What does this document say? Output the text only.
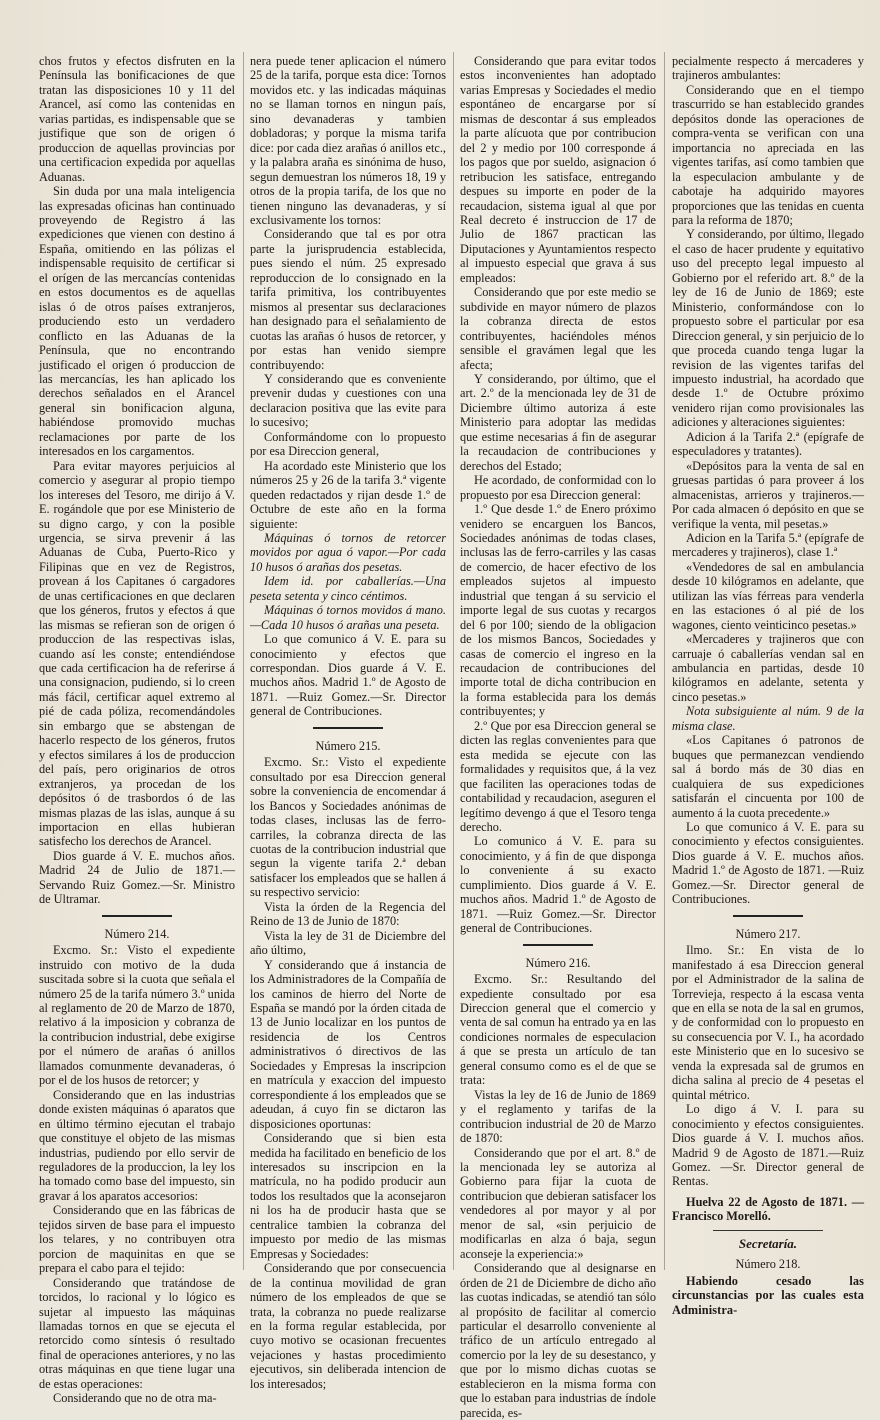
chos frutos y efectos disfruten en la Península las bonificaciones de que tratan las disposiciones 10 y 11 del Arancel, así como las contenidas en varias partidas, es indispensable que se justifique que son de origen ó produccion de aquellas provincias por una certificacion expedida por aquellas Aduanas.

Sin duda por una mala inteligencia las expresadas oficinas han continuado proveyendo de Registro á las expediciones que vienen con destino á España, omitiendo en las pólizas el indispensable requisito de certificar si el orígen de las mercancías contenidas en estos documentos es de aquellas islas ó de otros países extranjeros, produciendo esto un verdadero conflicto en las Aduanas de la Península, que no encontrando justificado el origen ó produccion de las mercancías, les han aplicado los derechos señalados en el Arancel general sin bonificacion alguna, habiéndose promovido muchas reclamaciones por parte de los interesados en los cargamentos.

Para evitar mayores perjuicios al comercio y asegurar al propio tiempo los intereses del Tesoro, me dirijo á V. E. rogándole que por ese Ministerio de su digno cargo, y con la posible urgencia, se sirva prevenir á las Aduanas de Cuba, Puerto-Rico y Filipinas que en vez de Registros, provean á los Capitanes ó cargadores de unas certificaciones en que declaren que los géneros, frutos y efectos á que las mismas se refieran son de origen ó produccion de las respectivas islas, cuando así les conste; entendiéndose que cada certificacion ha de referirse á una consignacion, pudiendo, si lo creen más fácil, certificar aquel extremo al pié de cada póliza, recomendándoles sin embargo que se abstengan de hacerlo respecto de los géneros, frutos y efectos similares á los de produccion del país, pero originarios de otros extranjeros, ya procedan de los depósitos ó de trasbordos ó de las mismas plazas de las islas, aunque á su importacion en ellas hubieran satisfecho los derechos de Arancel.

Dios guarde á V. E. muchos años. Madrid 24 de Julio de 1871.—Servando Ruiz Gomez.—Sr. Ministro de Ultramar.

Número 214.

Excmo. Sr.: Visto el expediente instruido con motivo de la duda suscitada sobre si la cuota que señala el número 25 de la tarifa número 3.º unida al reglamento de 20 de Marzo de 1870, relativo á la imposicion y cobranza de la contribucion industrial, debe exigirse por el número de arañas ó anillos llamados comunmente devanaderas, ó por el de los husos de retorcer; y

Considerando que en las industrias donde existen máquinas ó aparatos que en último término ejecutan el trabajo que constituye el objeto de las mismas industrias, pudiendo por ello servir de reguladores de la produccion, la ley los ha tomado como base del impuesto, sin gravar á los aparatos accesorios:

Considerando que en las fábricas de tejidos sirven de base para el impuesto los telares, y no contribuyen otra porcion de maquinitas en que se prepara el cabo para el tejido:

Considerando que tratándose de torcidos, lo racional y lo lógico es sujetar al impuesto las máquinas llamadas tornos en que se ejecuta el retorcido como síntesis ó resultado final de operaciones anteriores, y no las otras máquinas en que tiene lugar una de estas operaciones:

Considerando que no de otra ma-

nera puede tener aplicacion el número 25 de la tarifa, porque esta dice: Tornos movidos etc. y las indicadas máquinas no se llaman tornos en ningun país, sino devanaderas y tambien dobladoras; y porque la misma tarifa dice: por cada diez arañas ó anillos etc., y la palabra araña es sinónima de huso, segun demuestran los números 18, 19 y otros de la propia tarifa, de los que no tienen ninguno las devanaderas, y sí exclusivamente los tornos:

Considerando que tal es por otra parte la jurisprudencia establecida, pues siendo el núm. 25 expresado reproduccion de lo consignado en la tarifa primitiva, los contribuyentes mismos al presentar sus declaraciones han designado para el señalamiento de cuotas las arañas ó husos de retorcer, y por estas han venido siempre contribuyendo:

Y considerando que es conveniente prevenir dudas y cuestiones con una declaracion positiva que las evite para lo sucesivo;

Conformándome con lo propuesto por esa Direccion general,

Ha acordado este Ministerio que los números 25 y 26 de la tarifa 3.ª vigente queden redactados y rijan desde 1.º de Octubre de este año en la forma siguiente:

Máquinas ó tornos de retorcer movidos por agua ó vapor.—Por cada 10 husos ó arañas dos pesetas.

Idem id. por caballerías.—Una peseta setenta y cinco céntimos.

Máquinas ó tornos movidos á mano.—Cada 10 husos ó arañas una peseta.

Lo que comunico á V. E. para su conocimiento y efectos que correspondan. Dios guarde á V. E. muchos años. Madrid 1.º de Agosto de 1871. —Ruiz Gomez.—Sr. Director general de Contribuciones.

Número 215.

Excmo. Sr.: Visto el expediente consultado por esa Direccion general sobre la conveniencia de encomendar á los Bancos y Sociedades anónimas de todas clases, inclusas las de ferro-carriles, la cobranza directa de las cuotas de la contribucion industrial que segun la vigente tarifa 2.ª deban satisfacer los empleados que se hallen á su respectivo servicio:

Vista la órden de la Regencia del Reino de 13 de Junio de 1870:

Vista la ley de 31 de Diciembre del año último,

Y considerando que á instancia de los Administradores de la Compañía de los caminos de hierro del Norte de España se mandó por la órden citada de 13 de Junio localizar en los puntos de residencia de los Centros administrativos ó directivos de las Sociedades y Empresas la inscripcion en matrícula y exaccion del impuesto correspondiente á los empleados que se adeudan, á cuyo fin se dictaron las disposiciones oportunas:

Considerando que si bien esta medida ha facilitado en beneficio de los interesados su inscripcion en la matrícula, no ha podido producir aun todos los resultados que la aconsejaron ni los ha de producir hasta que se centralice tambien la cobranza del impuesto por medio de las mismas Empresas y Sociedades:

Considerando que por consecuencia de la continua movilidad de gran número de los empleados de que se trata, la cobranza no puede realizarse en la forma regular establecida, por cuyo motivo se ocasionan frecuentes vejaciones y hastas procedimiento ejecutivos, sin deliberada intencion de los interesados;

Considerando que para evitar todos estos inconvenientes han adoptado varias Empresas y Sociedades el medio espontáneo de encargarse por sí mismas de descontar á sus empleados la parte alícuota que por contribucion del 2 y medio por 100 corresponde á los pagos que por sueldo, asignacion ó retribucion les satisface, entregando despues su importe en poder de la recaudacion, sistema igual al que por Real decreto é instruccion de 17 de Julio de 1867 practican las Diputaciones y Ayuntamientos respecto al impuesto especial que grava á sus empleados:

Considerando que por este medio se subdivide en mayor número de plazos la cobranza directa de estos contribuyentes, haciéndoles ménos sensible el gravámen legal que les afecta;

Y considerando, por último, que el art. 2.º de la mencionada ley de 31 de Diciembre último autoriza á este Ministerio para adoptar las medidas que estime necesarias á fin de asegurar la recaudacion de contribuciones y derechos del Estado;

He acordado, de conformidad con lo propuesto por esa Direccion general:

1.º Que desde 1.º de Enero próximo venidero se encarguen los Bancos, Sociedades anónimas de todas clases, inclusas las de ferro-carriles y las casas de comercio, de hacer efectivo de los empleados sujetos al impuesto industrial que tengan á su servicio el importe legal de sus cuotas y recargos del 6 por 100; siendo de la obligacion de los mismos Bancos, Sociedades y casas de comercio el ingreso en la recaudacion de contribuciones del importe total de dicha contribucion en la forma establecida para los demás contribuyentes; y

2.º Que por esa Direccion general se dicten las reglas convenientes para que esta medida se ejecute con las formalidades y requisitos que, á la vez que faciliten las operaciones todas de contabilidad y recaudacion, aseguren el legítimo devengo á que el Tesoro tenga derecho.

Lo comunico á V. E. para su conocimiento, y á fin de que disponga lo conveniente á su exacto cumplimiento. Dios guarde á V. E. muchos años. Madrid 1.º de Agosto de 1871. —Ruiz Gomez.—Sr. Director general de Contribuciones.

Número 216.

Excmo. Sr.: Resultando del expediente consultado por esa Direccion general que el comercio y venta de sal comun ha entrado ya en las condiciones normales de especulacion á que se presta un artículo de tan general consumo como es el de que se trata:

Vistas la ley de 16 de Junio de 1869 y el reglamento y tarifas de la contribucion industrial de 20 de Marzo de 1870:

Considerando que por el art. 8.º de la mencionada ley se autoriza al Gobierno para fijar la cuota de contribucion que debieran satisfacer los vendedores al por mayor y al por menor de sal, «sin perjuicio de modificarlas en alza ó baja, segun aconseje la experiencia:»

Considerando que al designarse en órden de 21 de Diciembre de dicho año las cuotas indicadas, se atendió tan sólo al propósito de facilitar al comercio particular el desarrollo conveniente al tráfico de un artículo entregado al comercio por la ley de su desestanco, y que por lo mismo dichas cuotas se establecieron en la misma forma con que lo estaban para industrias de índole parecida, es-

pecialmente respecto á mercaderes y trajineros ambulantes:

Considerando que en el tiempo trascurrido se han establecido grandes depósitos donde las operaciones de compra-venta se verifican con una importancia no apreciada en las vigentes tarifas, así como tambien que la especulacion ambulante y de cabotaje ha adquirido mayores proporciones que las tenidas en cuenta para la reforma de 1870;

Y considerando, por último, llegado el caso de hacer prudente y equitativo uso del precepto legal impuesto al Gobierno por el referido art. 8.º de la ley de 16 de Junio de 1869; este Ministerio, conformándose con lo propuesto sobre el particular por esa Direccion general, y sin perjuicio de lo que proceda cuando tenga lugar la revision de las vigentes tarifas del impuesto industrial, ha acordado que desde 1.º de Octubre próximo venidero rijan como provisionales las adiciones y alteraciones siguientes:

Adicion á la Tarifa 2.ª (epígrafe de especuladores y tratantes).

«Depósitos para la venta de sal en gruesas partidas ó para proveer á los almacenistas, arrieros y trajineros.—Por cada almacen ó depósito en que se verifique la venta, mil pesetas.»

Adicion en la Tarifa 5.ª (epígrafe de mercaderes y trajineros), clase 1.ª

«Vendedores de sal en ambulancia desde 10 kilógramos en adelante, que utilizan las vías férreas para venderla en las estaciones ó al pié de los wagones, ciento veinticinco pesetas.»

«Mercaderes y trajineros que con carruaje ó caballerías vendan sal en ambulancia en partidas, desde 10 kilógramos en adelante, setenta y cinco pesetas.»

Nota subsiguiente al núm. 9 de la misma clase.

«Los Capitanes ó patronos de buques que permanezcan vendiendo sal á bordo más de 30 dias en cualquiera de sus expediciones satisfarán el cincuenta por 100 de aumento á la cuota precedente.»

Lo que comunico á V. E. para su conocimiento y efectos consiguientes. Dios guarde á V. E. muchos años. Madrid 1.º de Agosto de 1871. —Ruiz Gomez.—Sr. Director general de Contribuciones.

Número 217.

Ilmo. Sr.: En vista de lo manifestado á esa Direccion general por el Administrador de la salina de Torrevieja, respecto á la escasa venta que en ella se nota de la sal en grumos, y de conformidad con lo propuesto en su consecuencia por V. I., ha acordado este Ministerio que en lo sucesivo se venda la expresada sal de grumos en dicha salina al precio de 4 pesetas el quintal métrico.

Lo digo á V. I. para su conocimiento y efectos consiguientes. Dios guarde á V. I. muchos años. Madrid 9 de Agosto de 1871.—Ruiz Gomez. —Sr. Director general de Rentas.

Huelva 22 de Agosto de 1871. —Francisco Morelló.

Secretaría.

Número 218.

Habiendo cesado las circunstancias por las cuales esta Administra-
